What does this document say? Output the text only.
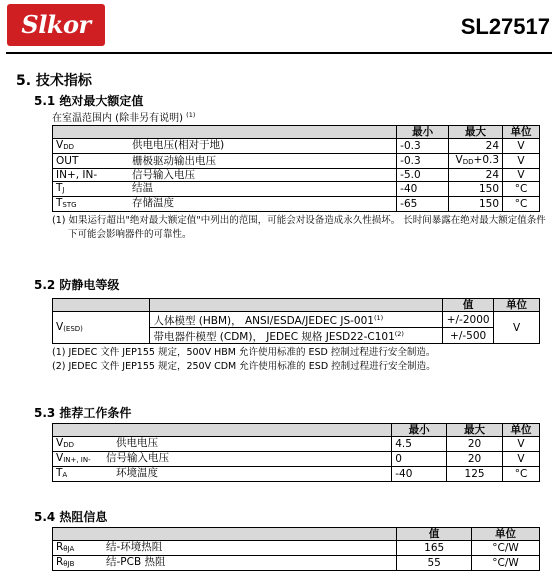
Slkor	SL27517
5. 技术指标
5.1 绝对最大额定值
在室温范围内 (除非另有说明) $^{(1)}$
	最小	最大	单位
$V_{DD}$ 供电电压(相对于地)	-0.3	24	V
OUT 栅极驱动输出电压	-0.3	$V_{DD}+0.3$	V
IN+, IN- 信号输入电压	-5.0	24	V
$T_J$ 结温	-40	150	°C
$T_{STG}$ 存储温度	-65	150	°C
(1) 如果运行超出"绝对最大额定值"中列出的范围，可能会对设备造成永久性损坏。 长时间暴露在绝对最大额定值条件
下可能会影响器件的可靠性。
5.2 防静电等级
		值	单位
$V_{(ESD)}$	人体模型 (HBM)， ANSI/ESDA/JEDEC $JS-001^{(1)}$	+/-2000	V
	带电器件模型 (CDM)， JEDEC 规格 $JESD22-C101^{(2)}$	+/-500	
(1) JEDEC 文件 JEP155 规定，500V HBM 允许使用标准的 ESD 控制过程进行安全制造。
(2) JEDEC 文件 JEP155 规定，250V CDM 允许使用标准的 ESD 控制过程进行安全制造。
5.3 推荐工作条件
	最小	最大	单位
$V_{DD}$ 供电电压	4.5	20	V
$V_{IN+, IN-}$ 信号输入电压	0	20	V
$T_A$ 环境温度	-40	125	°C
5.4 热阻信息
	值	单位
$R_{\theta JA}$ 结-环境热阻	165	°C/W
$R_{\theta JB}$ 结-PCB 热阻	55	°C/W
